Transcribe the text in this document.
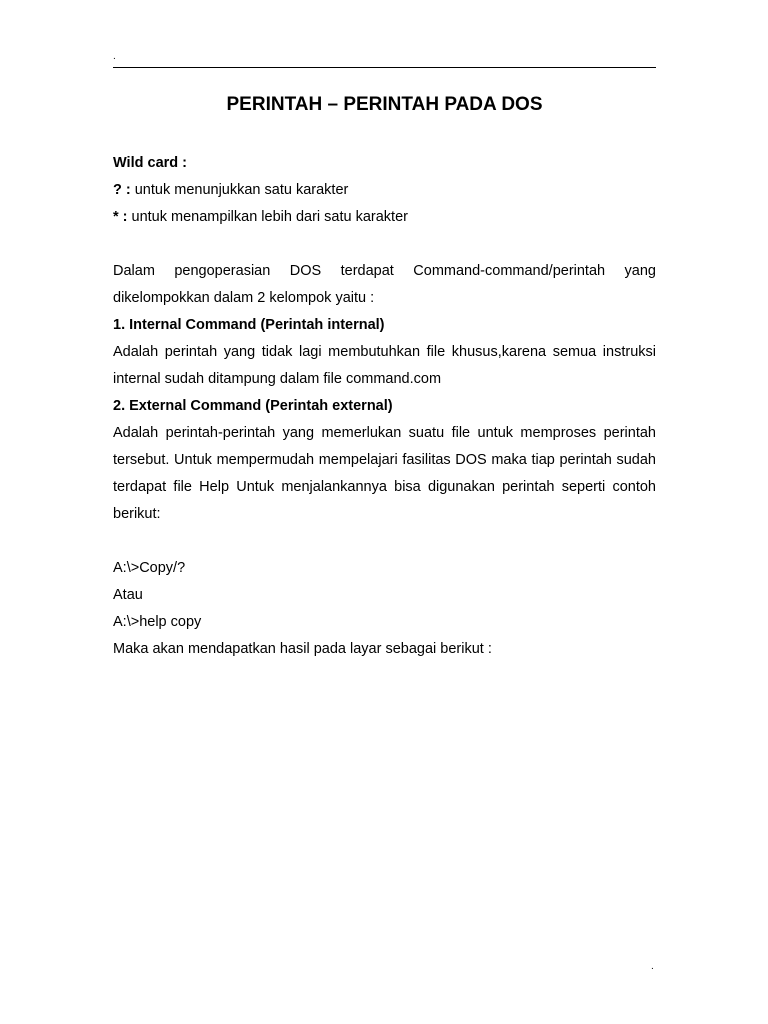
.
PERINTAH – PERINTAH PADA DOS

Wild card :

? : untuk menunjukkan satu karakter

* : untuk menampilkan lebih dari satu karakter

Dalam pengoperasian DOS terdapat Command-command/perintah yang dikelompokkan dalam 2 kelompok yaitu :

1. Internal Command (Perintah internal)

Adalah perintah yang tidak lagi membutuhkan file khusus,karena semua instruksi internal sudah ditampung dalam file command.com

2. External Command (Perintah external)

Adalah perintah-perintah yang memerlukan suatu file untuk memproses perintah tersebut. Untuk mempermudah mempelajari fasilitas DOS maka tiap perintah sudah terdapat file Help Untuk menjalankannya bisa digunakan perintah seperti contoh berikut:

A:\>Copy/?

Atau

A:\>help copy

Maka akan mendapatkan hasil pada layar sebagai berikut :

.
